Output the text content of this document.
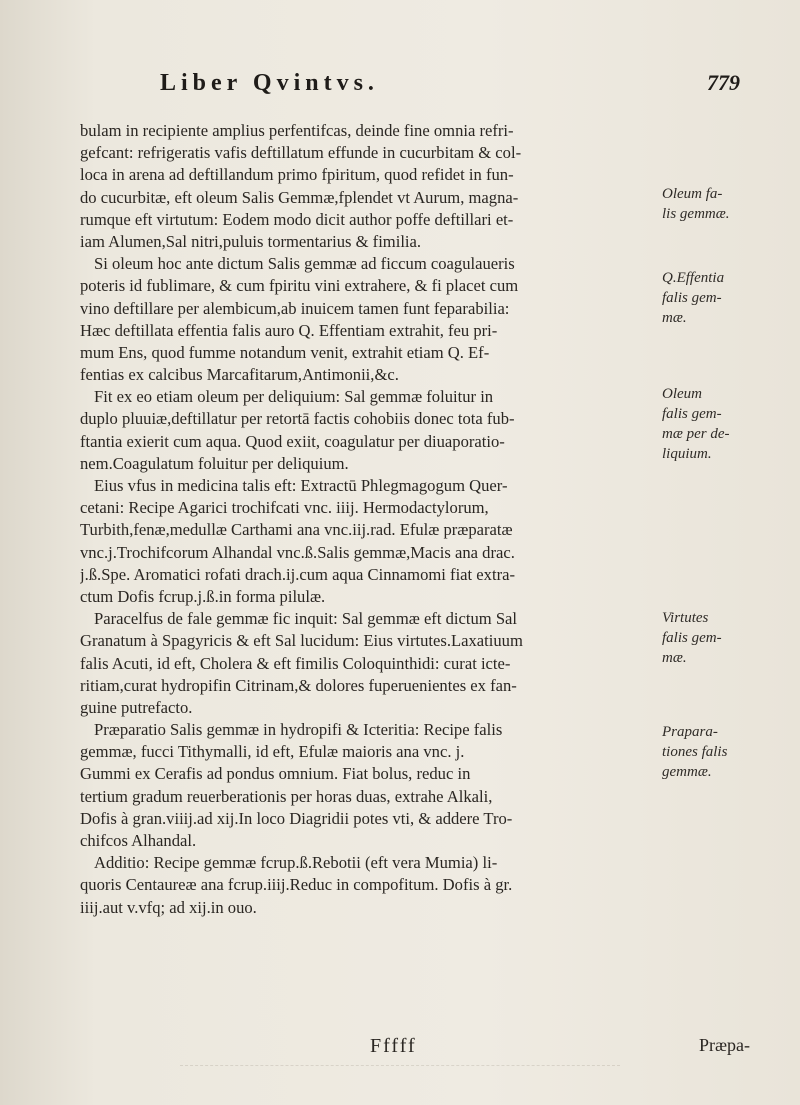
Liber Qvintvs.	779
bulam in recipiente amplius perfentifcas, deinde fine omnia refri-
gefcant: refrigeratis vafis deftillatum effunde in cucurbitam & col-
loca in arena ad deftillandum primo fpiritum, quod refidet in fun-
do cucurbitæ, eft oleum Salis Gemmæ,fplendet vt Aurum, magna-
rumque eft virtutum: Eodem modo dicit author poffe deftillari et-
iam Alumen,Sal nitri,puluis tormentarius & fimilia.
Si oleum hoc ante dictum Salis gemmæ ad ficcum coagulaueris
poteris id fublimare, & cum fpiritu vini extrahere, & fi placet cum
vino deftillare per alembicum,ab inuicem tamen funt feparabilia:
Hæc deftillata effentia falis auro Q. Effentiam extrahit, feu pri-
mum Ens, quod fumme notandum venit, extrahit etiam Q. Ef-
fentias ex calcibus Marcafitarum,Antimonii,&c.
Fit ex eo etiam oleum per deliquium: Sal gemmæ foluitur in
duplo pluuiæ,deftillatur per retortā factis cohobiis donec tota fub-
ftantia exierit cum aqua. Quod exiit, coagulatur per diuaporatio-
nem.Coagulatum foluitur per deliquium.
Eius vfus in medicina talis eft: Extractū Phlegmagogum Quer-
cetani: Recipe Agarici trochifcati vnc. iiij. Hermodactylorum,
Turbith,fenæ,medullæ Carthami ana vnc.iij.rad. Efulæ præparatæ
vnc.j.Trochifcorum Alhandal vnc.ß.Salis gemmæ,Macis ana drac.
j.ß.Spe. Aromatici rofati drach.ij.cum aqua Cinnamomi fiat extra-
ctum Dofis fcrup.j.ß.in forma pilulæ.
Paracelfus de fale gemmæ fic inquit: Sal gemmæ eft dictum Sal
Granatum à Spagyricis & eft Sal lucidum: Eius virtutes.Laxatiuum
falis Acuti, id eft, Cholera & eft fimilis Coloquinthidi: curat icte-
ritiam,curat hydropifin Citrinam,& dolores fuperuenientes ex fan-
guine putrefacto.
Præparatio Salis gemmæ in hydropifi & Icteritia: Recipe falis
gemmæ, fucci Tithymalli, id eft, Efulæ maioris ana vnc. j.
Gummi ex Cerafis ad pondus omnium. Fiat bolus, reduc in
tertium gradum reuerberationis per horas duas, extrahe Alkali,
Dofis à gran.viiij.ad xij.In loco Diagridii potes vti, & addere Tro-
chifcos Alhandal.
Additio: Recipe gemmæ fcrup.ß.Rebotii (eft vera Mumia) li-
quoris Centaureæ ana fcrup.iiij.Reduc in compofitum. Dofis à gr.
iiij.aut v.vfq; ad xij.in ouo.
Oleum fa-
lis gemmæ.
Q.Effentia
falis gem-
mæ.
Oleum
falis gem-
mæ per de-
liquium.
Virtutes
falis gem-
mæ.
Prapara-
tiones falis
gemmæ.
Fffff	Præpa-
